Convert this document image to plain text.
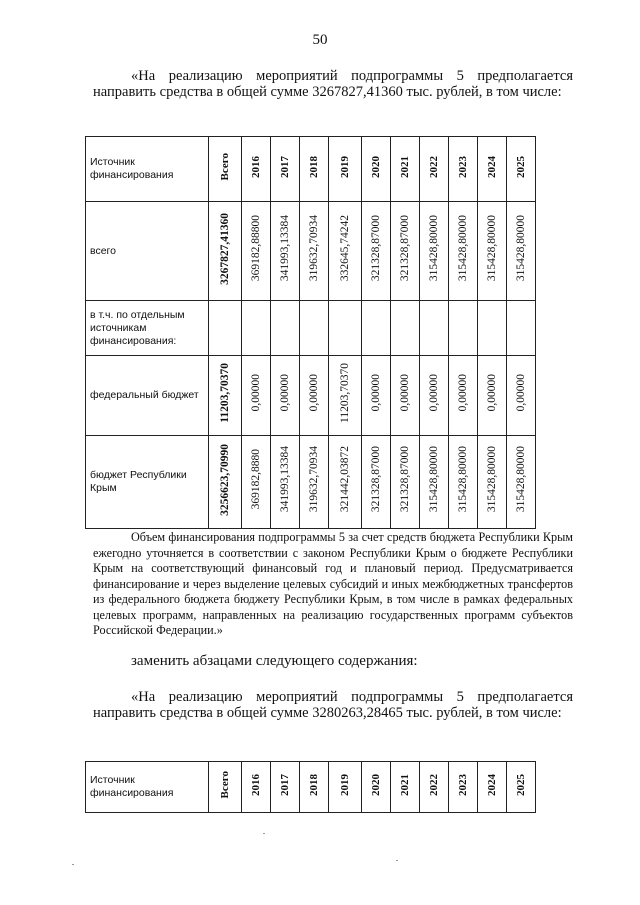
50
«На реализацию мероприятий подпрограммы 5 предполагается направить средства в общей сумме 3267827,41360 тыс. рублей, в том числе:
Источник финансирования	Всего	2016	2017	2018	2019	2020	2021	2022	2023	2024	2025
всего	3267827,41360	369182,88800	341993,13384	319632,70934	332645,74242	321328,87000	321328,87000	315428,80000	315428,80000	315428,80000	315428,80000
в т.ч. по отдельным источникам финансирования:											
федеральный бюджет	11203,70370	0,00000	0,00000	0,00000	11203,70370	0,00000	0,00000	0,00000	0,00000	0,00000	0,00000
бюджет Республики Крым	3256623,70990	369182,8880	341993,13384	319632,70934	321442,03872	321328,87000	321328,87000	315428,80000	315428,80000	315428,80000	315428,80000
Объем финансирования подпрограммы 5 за счет средств бюджета Республики Крым ежегодно уточняется в соответствии с законом Республики Крым о бюджете Республики Крым на соответствующий финансовый год и плановый период. Предусматривается финансирование и через выделение целевых субсидий и иных межбюджетных трансфертов из федерального бюджета бюджету Республики Крым, в том числе в рамках федеральных целевых программ, направленных на реализацию государственных программ субъектов Российской Федерации.»
заменить абзацами следующего содержания:
«На реализацию мероприятий подпрограммы 5 предполагается направить средства в общей сумме 3280263,28465 тыс. рублей, в том числе:
Источник финансирования	Всего	2016	2017	2018	2019	2020	2021	2022	2023	2024	2025
